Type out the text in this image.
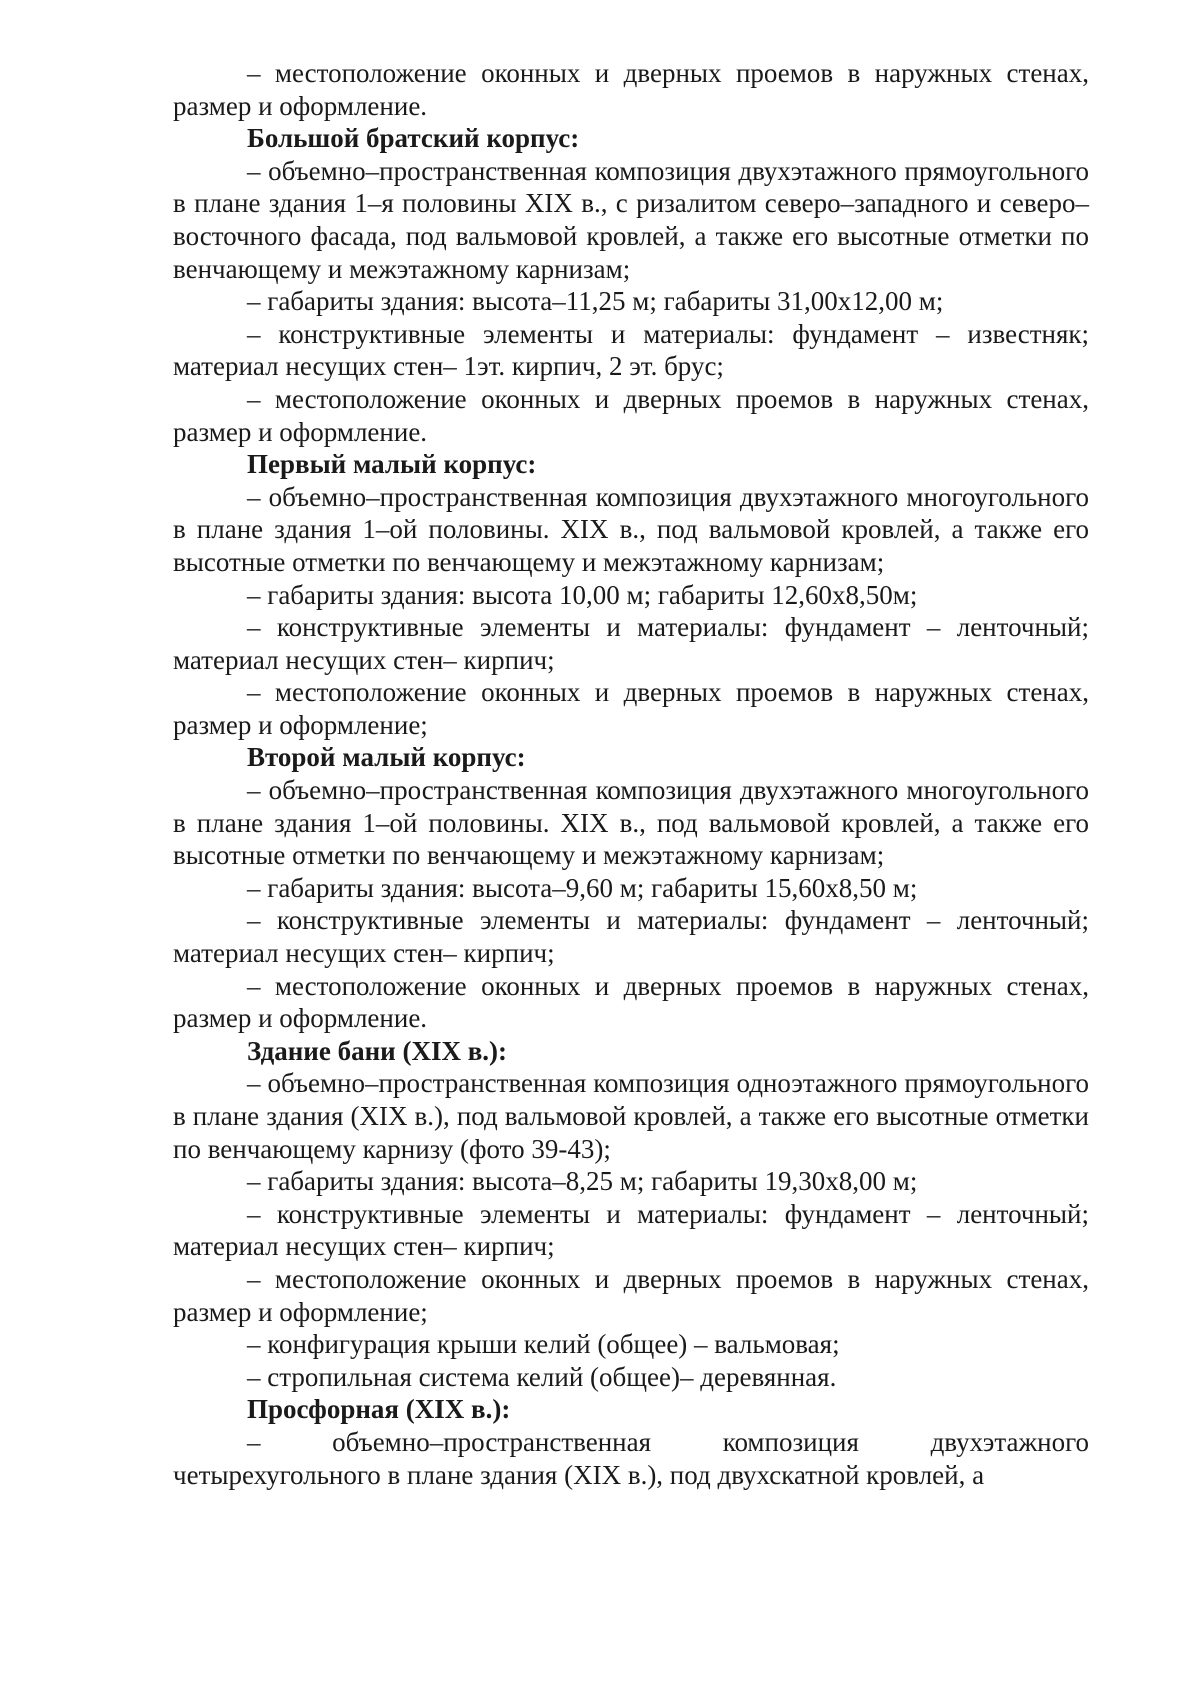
– местоположение оконных и дверных проемов в наружных стенах, размер и оформление.

Большой братский корпус:

– объемно–пространственная композиция двухэтажного прямоугольного в плане здания 1–я половины XIX в., с ризалитом северо–западного и северо–восточного фасада, под вальмовой кровлей, а также его высотные отметки по венчающему и межэтажному карнизам;

– габариты здания: высота–11,25 м; габариты 31,00х12,00 м;

– конструктивные элементы и материалы: фундамент – известняк; материал несущих стен– 1эт. кирпич, 2 эт. брус;

– местоположение оконных и дверных проемов в наружных стенах, размер и оформление.

Первый малый корпус:

– объемно–пространственная композиция двухэтажного многоугольного в плане здания 1–ой половины. XIX в., под вальмовой кровлей, а также его высотные отметки по венчающему и межэтажному карнизам;

– габариты здания: высота 10,00 м; габариты 12,60х8,50м;

– конструктивные элементы и материалы: фундамент – ленточный; материал несущих стен– кирпич;

– местоположение оконных и дверных проемов в наружных стенах, размер и оформление;

Второй малый корпус:

– объемно–пространственная композиция двухэтажного многоугольного в плане здания 1–ой половины. XIX в., под вальмовой кровлей, а также его высотные отметки по венчающему и межэтажному карнизам;

– габариты здания: высота–9,60 м; габариты 15,60х8,50 м;

– конструктивные элементы и материалы: фундамент – ленточный; материал несущих стен– кирпич;

– местоположение оконных и дверных проемов в наружных стенах, размер и оформление.

Здание бани (XIX в.):

– объемно–пространственная композиция одноэтажного прямоугольного в плане здания (XIX в.), под вальмовой кровлей, а также его высотные отметки по венчающему карнизу (фото 39-43);

– габариты здания: высота–8,25 м; габариты 19,30х8,00 м;

– конструктивные элементы и материалы: фундамент – ленточный; материал несущих стен– кирпич;

– местоположение оконных и дверных проемов в наружных стенах, размер и оформление;

– конфигурация крыши келий (общее) – вальмовая;

– стропильная система келий (общее)– деревянная.

Просфорная (XIX в.):

– объемно–пространственная композиция двухэтажного четырехугольного в плане здания (XIX в.), под двухскатной кровлей, а
